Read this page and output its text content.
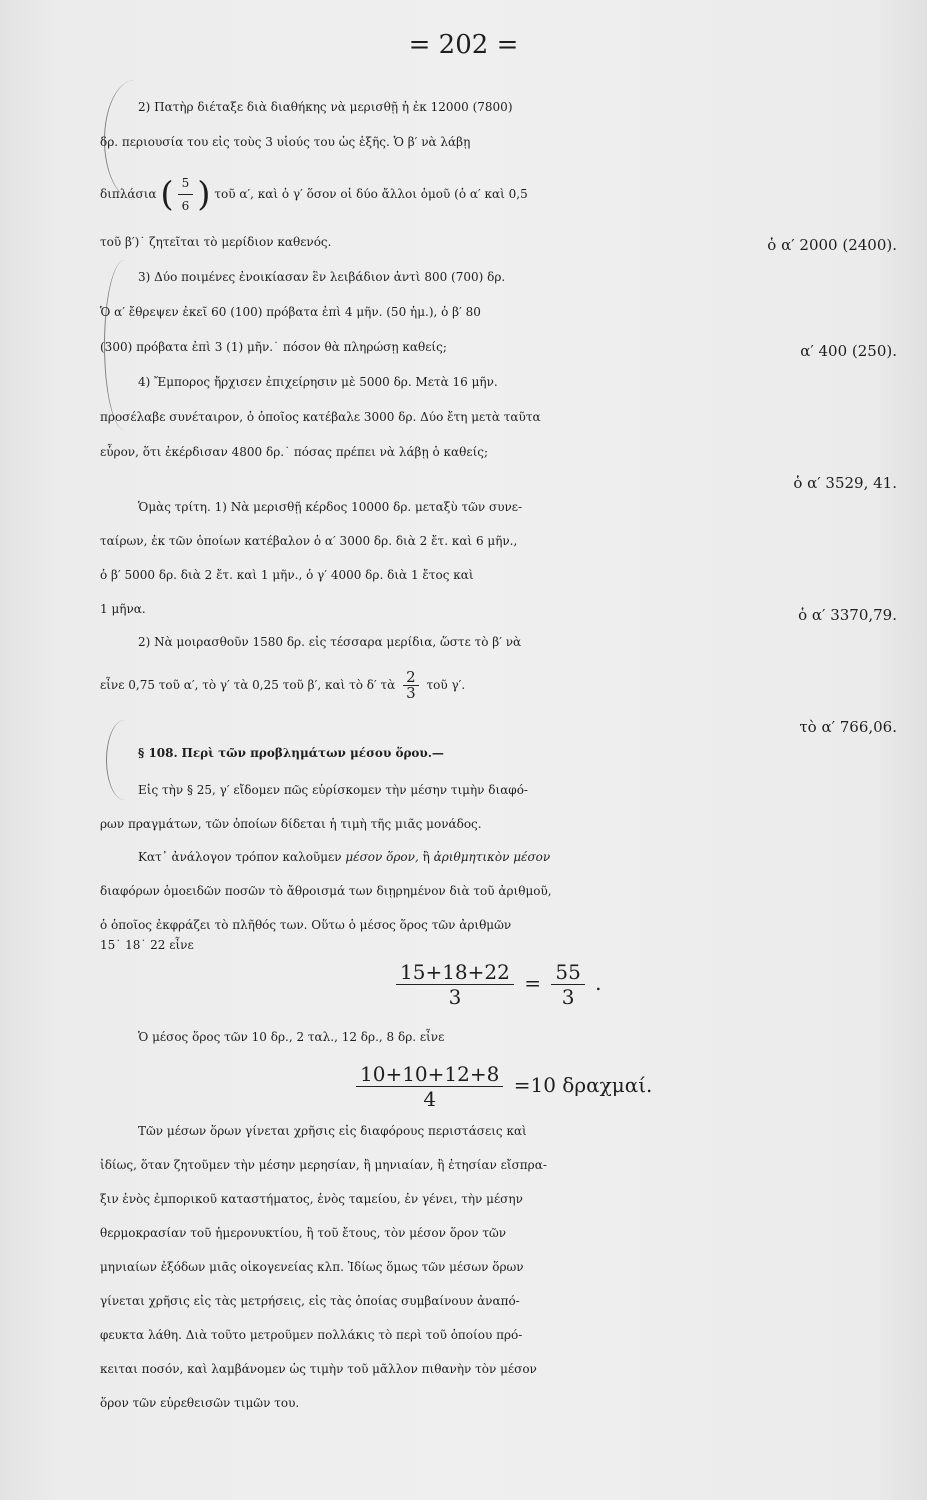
= 202 =
2) Πατὴρ διέταξε διὰ διαθήκης νὰ μερισθῇ ἡ ἐκ 12000 (7800)
δρ. περιουσία του εἰς τοὺς 3 υἱούς του ὡς ἑξῆς. Ὁ β′ νὰ λάβῃ
διπλάσια ( $\frac{5}{6}$ ) τοῦ α′, καὶ ὁ γ′ ὅσον οἱ δύο ἄλλοι ὁμοῦ (ὁ α′ καὶ 0,5
τοῦ β′)˙ ζητεῖται τὸ μερίδιον καθενός.	ὁ α′ 2000 (2400).
3) Δύο ποιμένες ἐνοικίασαν ἓν λειβάδιον ἀντὶ 800 (700) δρ.
Ὁ α′ ἔθρεψεν ἐκεῖ 60 (100) πρόβατα ἐπὶ 4 μῆν. (50 ἡμ.), ὁ β′ 80
(300) πρόβατα ἐπὶ 3 (1) μῆν.˙ πόσον θὰ πληρώσῃ καθείς;	α′ 400 (250).
4) Ἔμπορος ἤρχισεν ἐπιχείρησιν μὲ 5000 δρ. Μετὰ 16 μῆν.
προσέλαβε συνέταιρον, ὁ ὁποῖος κατέβαλε 3000 δρ. Δύο ἔτη μετὰ ταῦτα
εὗρον, ὅτι ἐκέρδισαν 4800 δρ.˙ πόσας πρέπει νὰ λάβῃ ὁ καθείς;
ὁ α′ 3529, 41.
Ὁμὰς τρίτη. 1) Νὰ μερισθῇ κέρδος 10000 δρ. μεταξὺ τῶν συνε-
ταίρων, ἐκ τῶν ὁποίων κατέβαλον ὁ α′ 3000 δρ. διὰ 2 ἔτ. καὶ 6 μῆν.,
ὁ β′ 5000 δρ. διὰ 2 ἔτ. καὶ 1 μῆν., ὁ γ′ 4000 δρ. διὰ 1 ἔτος καὶ
1 μῆνα.	ὁ α′ 3370,79.
2) Νὰ μοιρασθοῦν 1580 δρ. εἰς τέσσαρα μερίδια, ὥστε τὸ β′ νὰ
εἶνε 0,75 τοῦ α′, τὸ γ′ τὰ 0,25 τοῦ β′, καὶ τὸ δ′ τὰ $\frac{2}{3}$ τοῦ γ′.
τὸ α′ 766,06.
§ 108. Περὶ τῶν προβλημάτων μέσου ὅρου.—
Εἰς τὴν § 25, γ′ εἴδομεν πῶς εὑρίσκομεν τὴν μέσην τιμὴν διαφό-
ρων πραγμάτων, τῶν ὁποίων δίδεται ἡ τιμὴ τῆς μιᾶς μονάδος.
Κατ᾽ ἀνάλογον τρόπον καλοῦμεν μέσον ὅρον, ἢ ἀριθμητικὸν μέσον
διαφόρων ὁμοειδῶν ποσῶν τὸ ἄθροισμά των διῃρημένον διὰ τοῦ ἀριθμοῦ,
ὁ ὁποῖος ἐκφράζει τὸ πλῆθός των. Οὕτω ὁ μέσος ὅρος τῶν ἀριθμῶν
15˙ 18˙ 22 εἶνε
$\frac{15+18+22}{3} = \frac{55}{3}$ .
Ὁ μέσος ὅρος τῶν 10 δρ., 2 ταλ., 12 δρ., 8 δρ. εἶνε
$\frac{10+10+12+8}{4} =10$ δραχμαί.
Τῶν μέσων ὅρων γίνεται χρῆσις εἰς διαφόρους περιστάσεις καὶ
ἰδίως, ὅταν ζητοῦμεν τὴν μέσην μερησίαν, ἢ μηνιαίαν, ἢ ἐτησίαν εἴσπρα-
ξιν ἑνὸς ἐμπορικοῦ καταστήματος, ἑνὸς ταμείου, ἐν γένει, τὴν μέσην
θερμοκρασίαν τοῦ ἡμερονυκτίου, ἢ τοῦ ἔτους, τὸν μέσον ὅρον τῶν
μηνιαίων ἐξόδων μιᾶς οἰκογενείας κλπ. Ἰδίως ὅμως τῶν μέσων ὅρων
γίνεται χρῆσις εἰς τὰς μετρήσεις, εἰς τὰς ὁποίας συμβαίνουν ἀναπό-
φευκτα λάθη. Διὰ τοῦτο μετροῦμεν πολλάκις τὸ περὶ τοῦ ὁποίου πρό-
κειται ποσόν, καὶ λαμβάνομεν ὡς τιμὴν τοῦ μᾶλλον πιθανὴν τὸν μέσον
ὅρον τῶν εὑρεθεισῶν τιμῶν του.
